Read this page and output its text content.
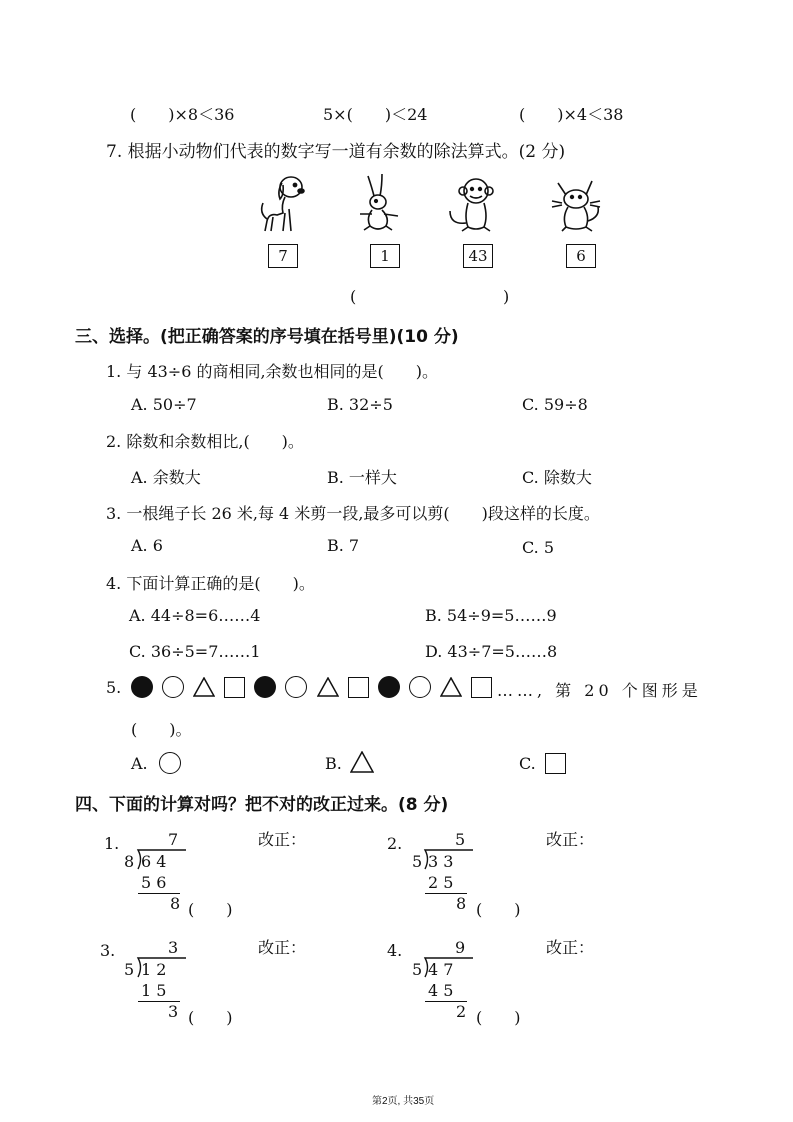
(　　)×8＜36	5×(　　)＜24	(　　)×4＜38
7. 根据小动物们代表的数字写一道有余数的除法算式。(2 分)
7	1	43	6
(	)
三、选择。(把正确答案的序号填在括号里)(10 分)
1. 与 43÷6 的商相同,余数也相同的是(　　)。
A. 50÷7	B. 32÷5	C. 59÷8
2. 除数和余数相比,(　　)。
A. 余数大	B. 一样大	C. 除数大
3. 一根绳子长 26 米,每 4 米剪一段,最多可以剪(　　)段这样的长度。
A. 6	B. 7	C. 5
4. 下面计算正确的是(　　)。
A. 44÷8=6……4	B. 54÷9=5……9
C. 36÷5=7……1	D. 43÷7=5……8
5.
	……, 第 20 个图形是
(　　)。
A.	B.	C.
四、下面的计算对吗？把不对的改正过来。(8 分)
1.	7
8 6 4
5 6
8 (　　)
改正：	2.	5
5 3 3
2 5
8 (　　)
改正：
3.	3
5 1 2
1 5
3 (　　)
改正：	4.	9
5 4 7
4 5
2 (　　)
改正：
第2页, 共35页
